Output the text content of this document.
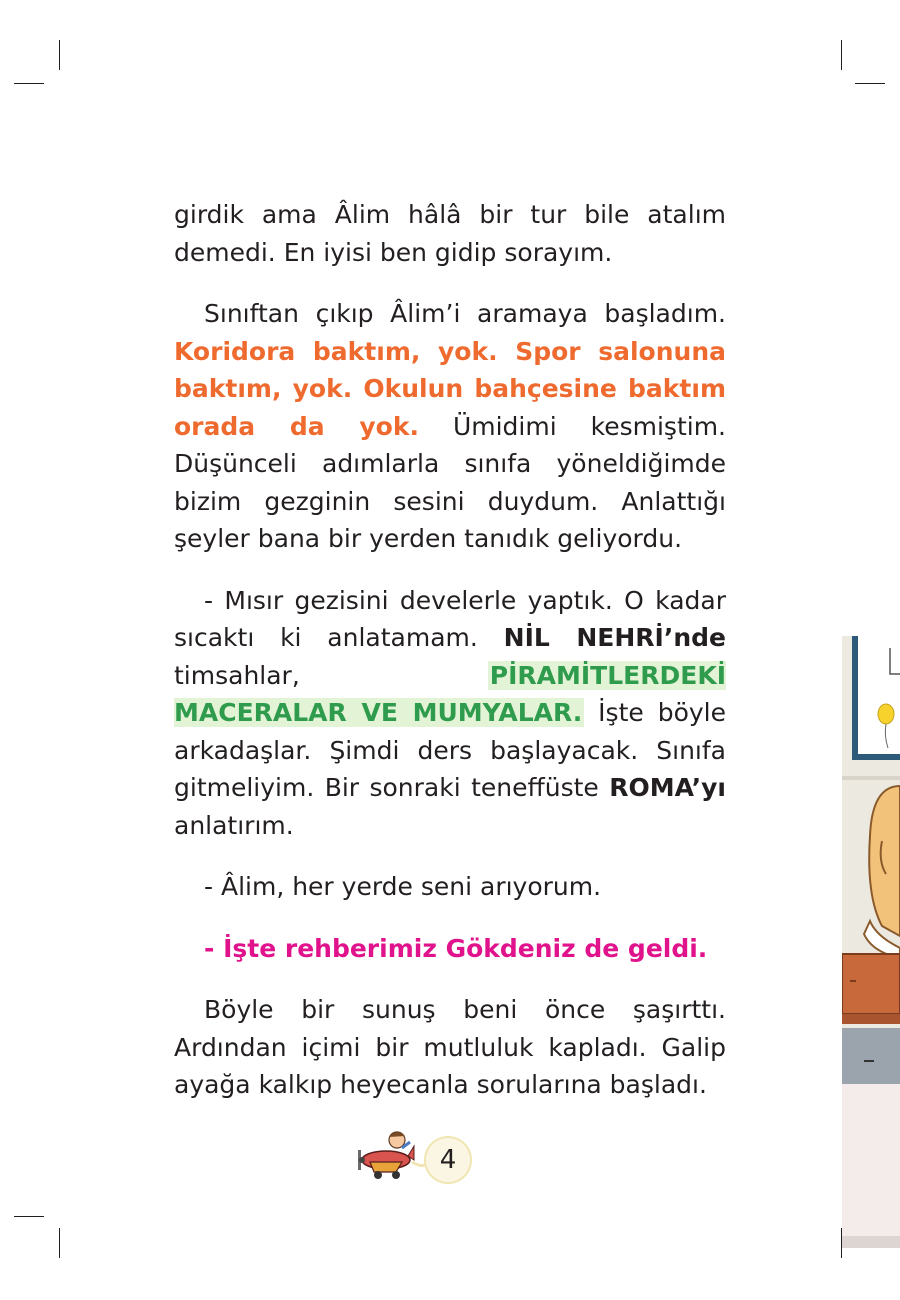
girdik ama Âlim hâlâ bir tur bile atalım demedi. En iyisi ben gidip sorayım.

Sınıftan çıkıp Âlim’i aramaya başladım. Koridora baktım, yok. Spor salonuna baktım, yok. Okulun bahçesine baktım orada da yok. Ümidimi kesmiştim. Düşünceli adımlarla sınıfa yöneldiğimde bizim gezginin sesini duydum. Anlattığı şeyler bana bir yerden tanıdık geliyordu.

- Mısır gezisini develerle yaptık. O kadar sıcaktı ki anlatamam. NİL NEHRİ’nde timsahlar, PİRAMİTLERDEKİ MACERALAR VE MUMYALAR. İşte böyle arkadaşlar. Şimdi ders başlayacak. Sınıfa gitmeliyim. Bir sonraki teneffüste ROMA’yı anlatırım.

- Âlim, her yerde seni arıyorum.

- İşte rehberimiz Gökdeniz de geldi.

Böyle bir sunuş beni önce şaşırttı. Ardından içimi bir mutluluk kapladı. Galip ayağa kalkıp heyecanla sorularına başladı.

4
